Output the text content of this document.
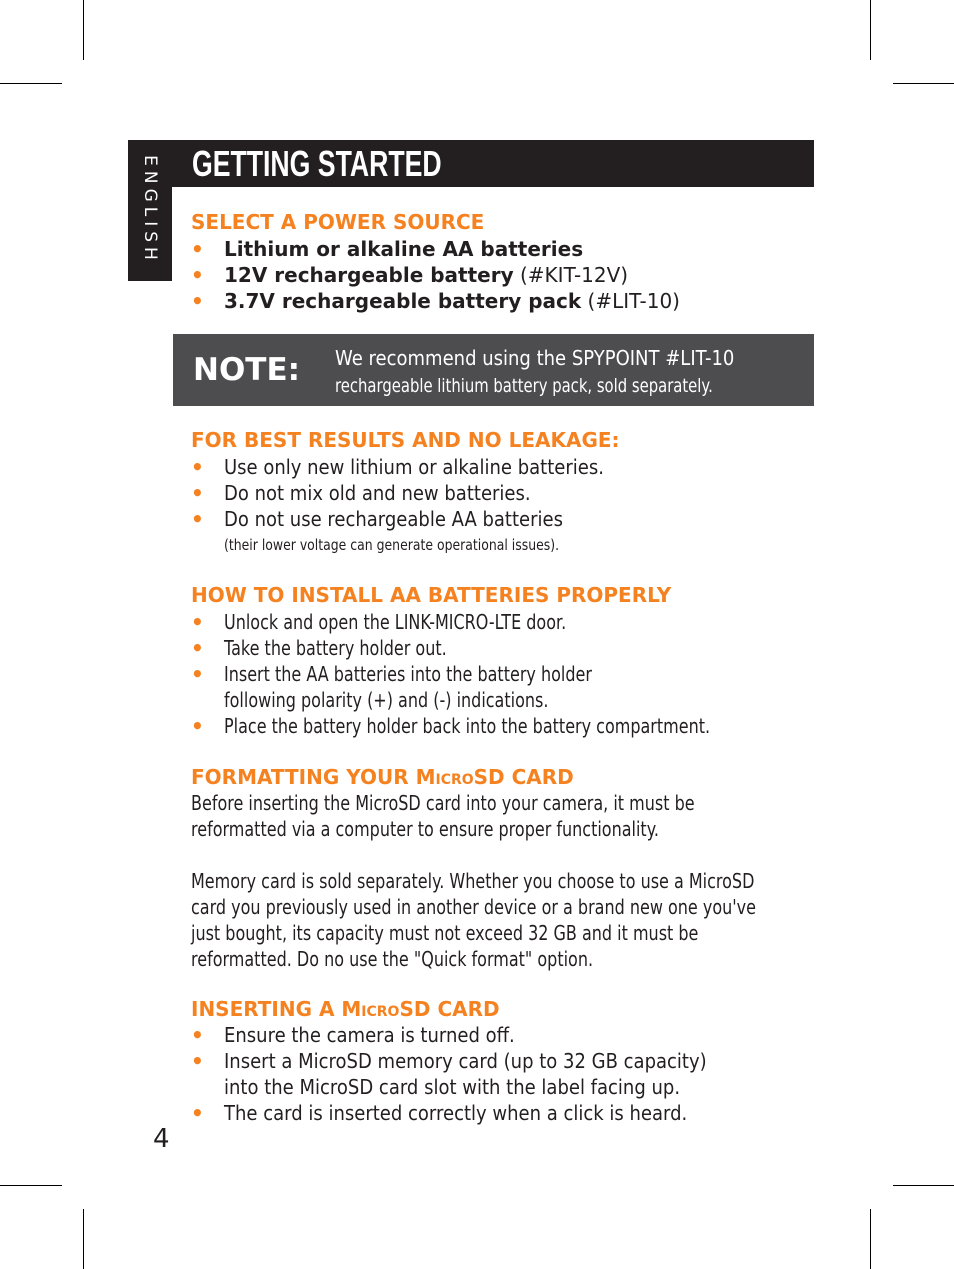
ENGLISH GETTING STARTED
SELECT A POWER SOURCE
• Lithium or alkaline AA batteries
• 12V rechargeable battery (#KIT-12V)
• 3.7V rechargeable battery pack (#LIT-10)
NOTE: We recommend using the SPYPOINT #LIT-10
rechargeable lithium battery pack, sold separately.
FOR BEST RESULTS AND NO LEAKAGE:
• Use only new lithium or alkaline batteries.
• Do not mix old and new batteries.
• Do not use rechargeable AA batteries
(their lower voltage can generate operational issues).
HOW TO INSTALL AA BATTERIES PROPERLY
• Unlock and open the LINK-MICRO-LTE door.
• Take the battery holder out.
• Insert the AA batteries into the battery holder
following polarity (+) and (-) indications.
• Place the battery holder back into the battery compartment.
FORMATTING YOUR MICROSD CARD
Before inserting the MicroSD card into your camera, it must be
reformatted via a computer to ensure proper functionality.
Memory card is sold separately. Whether you choose to use a MicroSD
card you previously used in another device or a brand new one you've
just bought, its capacity must not exceed 32 GB and it must be
reformatted. Do no use the "Quick format" option.
INSERTING A MICROSD CARD
• Ensure the camera is turned off.
• Insert a MicroSD memory card (up to 32 GB capacity)
into the MicroSD card slot with the label facing up.
• The card is inserted correctly when a click is heard.
4
